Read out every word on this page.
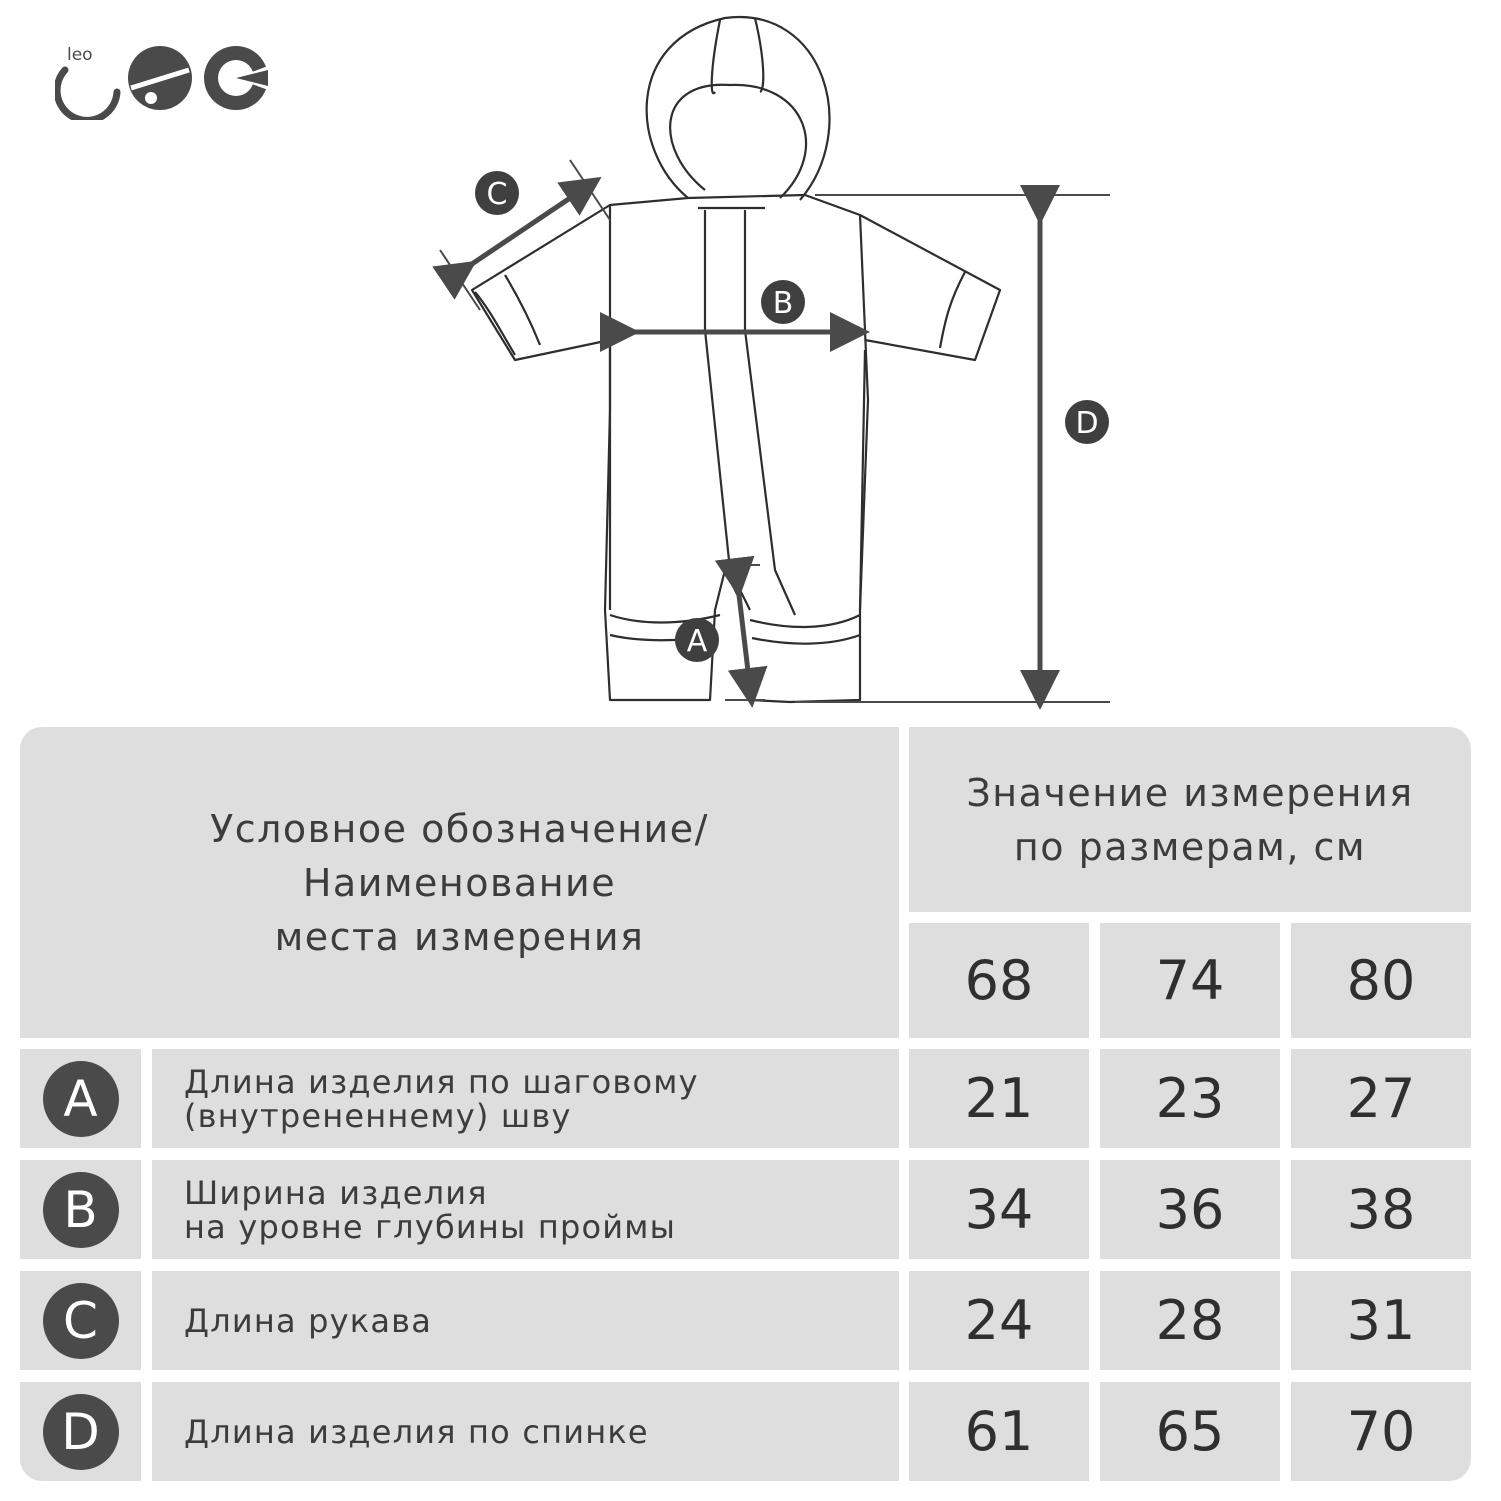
leo
C
B
D
A
Условное обозначение/
Наименование
места измерения
Значение измерения
по размерам, см
68 74 80
A	Длина изделия по шаговому
(внутрененнему) шву	21 23 27
B	Ширина изделия
на уровне глубины проймы	34 36 38
C	Длина рукава	24 28 31
D	Длина изделия по спинке	61 65 70
